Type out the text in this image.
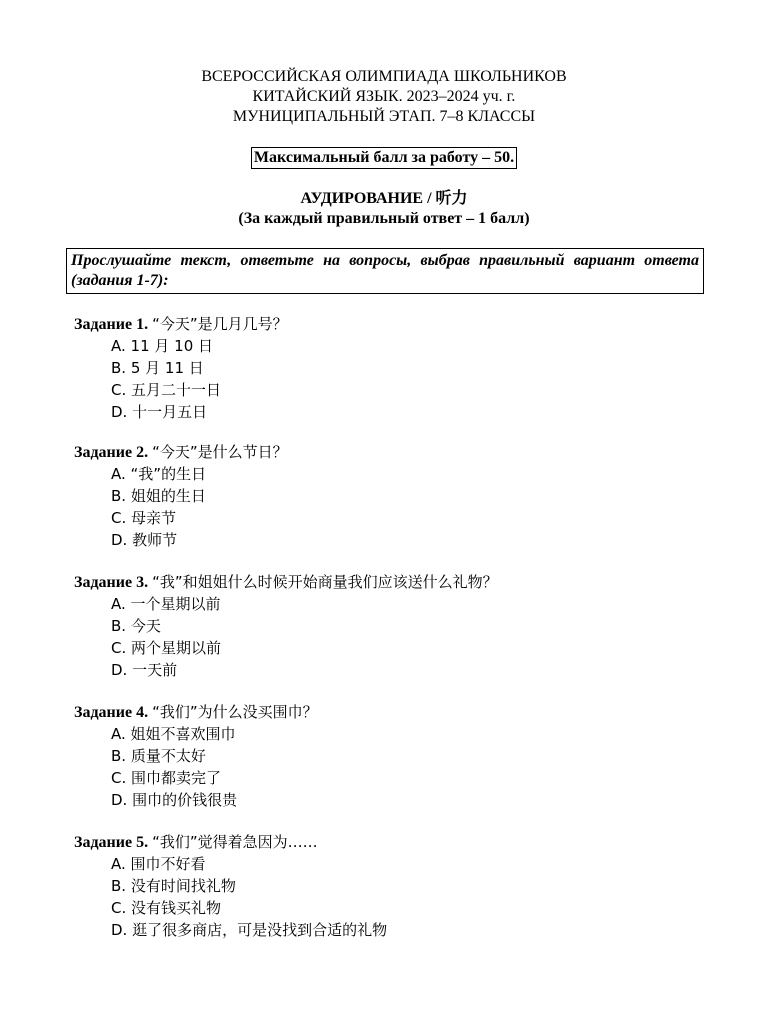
ВСЕРОССИЙСКАЯ ОЛИМПИАДА ШКОЛЬНИКОВ
КИТАЙСКИЙ ЯЗЫК. 2023–2024 уч. г.
МУНИЦИПАЛЬНЫЙ ЭТАП. 7–8 КЛАССЫ
Максимальный балл за работу – 50.
АУДИРОВАНИЕ / 听力
(За каждый правильный ответ – 1 балл)
Прослушайте текст, ответьте на вопросы, выбрав правильный вариант ответа (задания 1-7):
Задание 1. “今天”是几月几号？
A. 11 月 10 日
B. 5 月 11 日
C. 五月二十一日
D. 十一月五日
Задание 2. “今天”是什么节日？
A. “我”的生日
B. 姐姐的生日
C. 母亲节
D. 教师节
Задание 3. “我”和姐姐什么时候开始商量我们应该送什么礼物？
A. 一个星期以前
B. 今天
C. 两个星期以前
D. 一天前
Задание 4. “我们”为什么没买围巾？
A. 姐姐不喜欢围巾
B. 质量不太好
C. 围巾都卖完了
D. 围巾的价钱很贵
Задание 5. “我们”觉得着急因为……
A. 围巾不好看
B. 没有时间找礼物
C. 没有钱买礼物
D. 逛了很多商店，可是没找到合适的礼物
